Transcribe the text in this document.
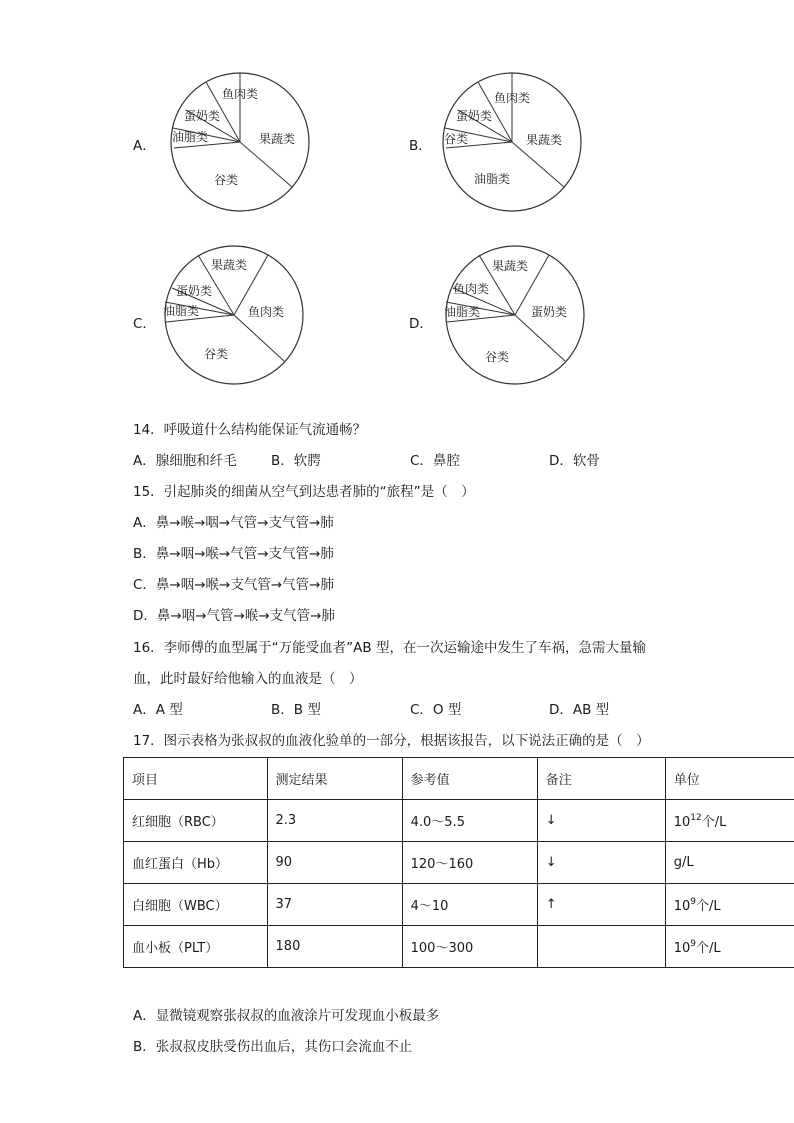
A．
鱼肉类
果蔬类
谷类
油脂类
蛋奶类
B．
鱼肉类
果蔬类
油脂类
谷类
蛋奶类
C．
果蔬类
鱼肉类
谷类
油脂类
蛋奶类
D．
果蔬类
蛋奶类
谷类
油脂类
鱼肉类
14．呼吸道什么结构能保证气流通畅？
A．腺细胞和纤毛	B．软腭	C．鼻腔	D．软骨
15．引起肺炎的细菌从空气到达患者肺的“旅程”是（　）
A．鼻→喉→咽→气管→支气管→肺
B．鼻→咽→喉→气管→支气管→肺
C．鼻→咽→喉→支气管→气管→肺
D．鼻→咽→气管→喉→支气管→肺
16．李师傅的血型属于“万能受血者”AB 型，在一次运输途中发生了车祸，急需大量输
血，此时最好给他输入的血液是（　）
A．A 型	B．B 型	C．O 型	D．AB 型
17．图示表格为张叔叔的血液化验单的一部分，根据该报告，以下说法正确的是（　）
项目	测定结果	参考值	备注	单位
红细胞（RBC）	2.3	4.0～5.5	↓	$10^{12}$个/L
血红蛋白（Hb）	90	120～160	↓	g/L
白细胞（WBC）	37	4～10	↑	$10^9$个/L
血小板（PLT）	180	100～300		$10^9$个/L
A．显微镜观察张叔叔的血液涂片可发现血小板最多
B．张叔叔皮肤受伤出血后，其伤口会流血不止
